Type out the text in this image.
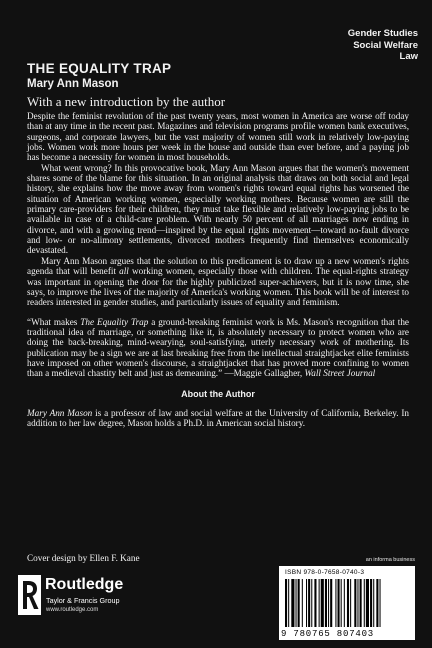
Gender Studies
Social Welfare
Law
THE EQUALITY TRAP
Mary Ann Mason
With a new introduction by the author

Despite the feminist revolution of the past twenty years, most women in America are worse off today than at any time in the recent past. Magazines and television programs profile women bank executives, surgeons, and corporate lawyers, but the vast majority of women still work in relatively low-paying jobs. Women work more hours per week in the house and outside than ever before, and a paying job has become a necessity for women in most households.

What went wrong? In this provocative book, Mary Ann Mason argues that the women's movement shares some of the blame for this situation. In an original analysis that draws on both social and legal history, she explains how the move away from women's rights toward equal rights has worsened the situation of American working women, especially working mothers. Because women are still the primary care-providers for their children, they must take flexible and relatively low-paying jobs to be available in case of a child-care problem. With nearly 50 percent of all marriages now ending in divorce, and with a growing trend—inspired by the equal rights movement—toward no-fault divorce and low- or no-alimony settlements, divorced mothers frequently find themselves economically devastated.

Mary Ann Mason argues that the solution to this predicament is to draw up a new women's rights agenda that will benefit all working women, especially those with children. The equal-rights strategy was important in opening the door for the highly publicized super-achievers, but it is now time, she says, to improve the lives of the majority of America's working women. This book will be of interest to readers interested in gender studies, and particularly issues of equality and feminism.

“What makes The Equality Trap a ground-breaking feminist work is Ms. Mason's recognition that the traditional idea of marriage, or something like it, is absolutely necessary to protect women who are doing the back-breaking, mind-wearying, soul-satisfying, utterly necessary work of mothering. Its publication may be a sign we are at last breaking free from the intellectual straightjacket elite feminists have imposed on other women's discourse, a straightjacket that has proved more confining to women than a medieval chastity belt and just as demeaning.” —Maggie Gallagher, Wall Street Journal

About the Author

Mary Ann Mason is a professor of law and social welfare at the University of California, Berkeley. In addition to her law degree, Mason holds a Ph.D. in American social history.

Cover design by Ellen F. Kane
Routledge
Taylor & Francis Group
www.routledge.com
an informa business
ISBN 978-0-7658-0740-3
9 780765 807403
